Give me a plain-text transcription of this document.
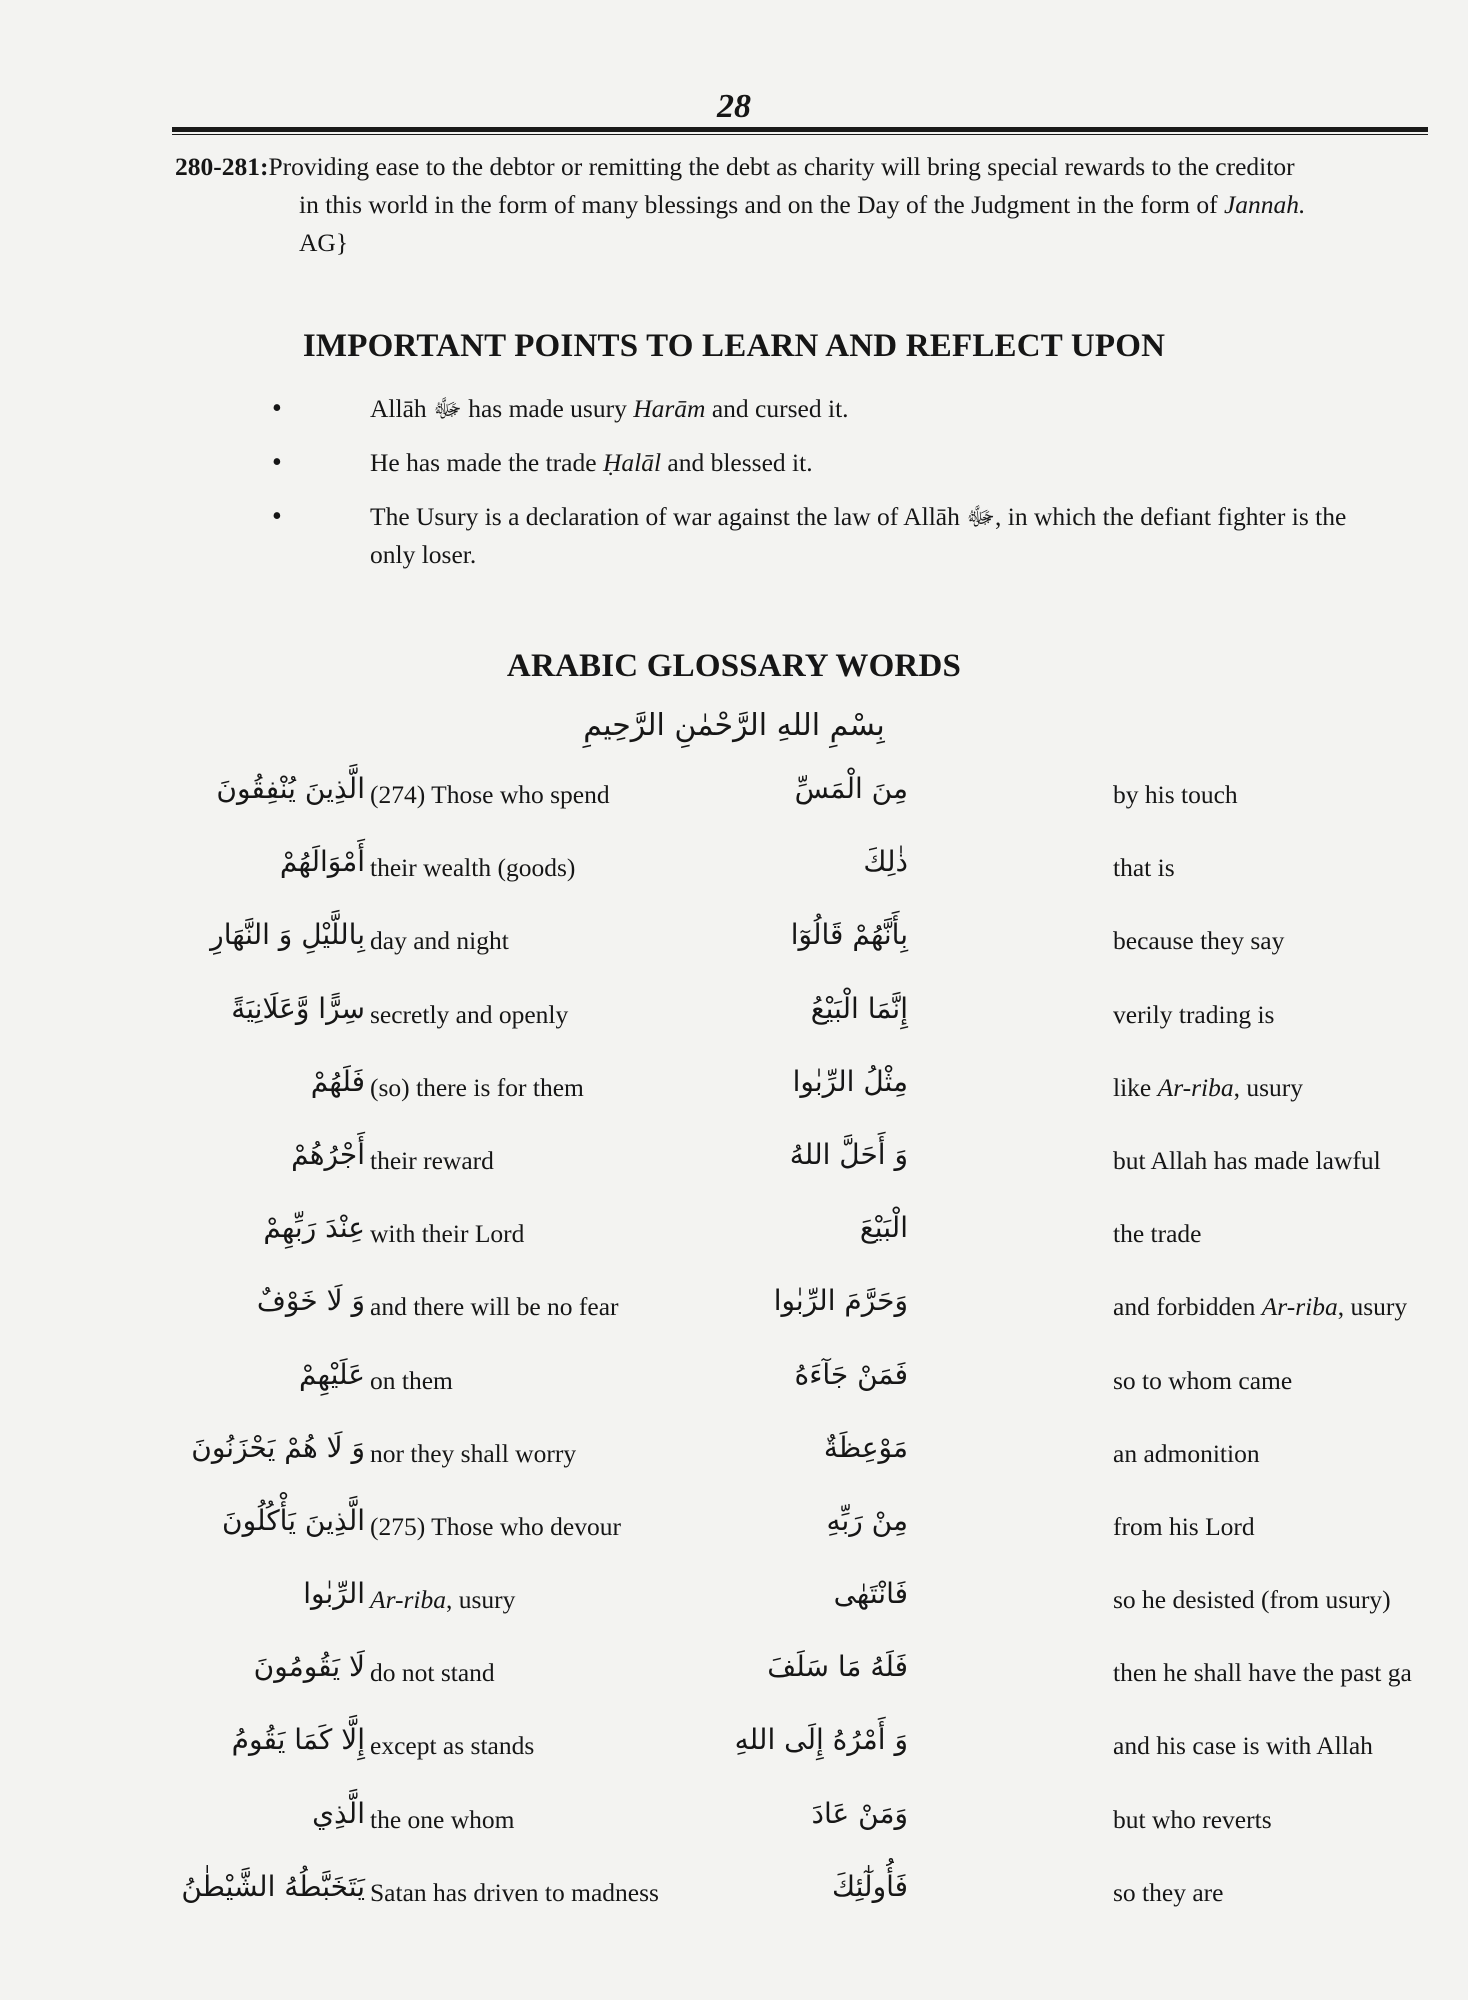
28
280-281:Providing ease to the debtor or remitting the debt as charity will bring special rewards to the creditor
in this world in the form of many blessings and on the Day of the Judgment in the form of Jannah.
AG}
IMPORTANT POINTS TO LEARN AND REFLECT UPON
•	Allāh ﷻ has made usury Harām and cursed it.
•	He has made the trade Ḥalāl and blessed it.
•	The Usury is a declaration of war against the law of Allāh ﷻ, in which the defiant fighter is the only loser.
ARABIC GLOSSARY WORDS
بِسْمِ اللهِ الرَّحْمٰنِ الرَّحِيمِ
الَّذِينَ يُنْفِقُونَ (274) Those who spend	مِنَ الْمَسِّ	by his touch
أَمْوَالَهُمْ their wealth (goods)	ذٰلِكَ	that is
بِاللَّيْلِ وَ النَّهَارِ day and night	بِأَنَّهُمْ قَالُوٓا	because they say
سِرًّا وَّعَلَانِيَةً secretly and openly	إِنَّمَا الْبَيْعُ	verily trading is
فَلَهُمْ (so) there is for them	مِثْلُ الرِّبٰوا	like Ar-riba, usury
أَجْرُهُمْ their reward	وَ أَحَلَّ اللهُ	but Allah has made lawful
عِنْدَ رَبِّهِمْ with their Lord	الْبَيْعَ	the trade
وَ لَا خَوْفٌ and there will be no fear	وَحَرَّمَ الرِّبٰوا	and forbidden Ar-riba, usury
عَلَيْهِمْ on them	فَمَنْ جَآءَهُ	so to whom came
وَ لَا هُمْ يَحْزَنُونَ nor they shall worry	مَوْعِظَةٌ	an admonition
الَّذِينَ يَأْكُلُونَ (275) Those who devour	مِنْ رَبِّهِ	from his Lord
الرِّبٰوا Ar-riba, usury	فَانْتَهٰى	so he desisted (from usury)
لَا يَقُومُونَ do not stand	فَلَهُ مَا سَلَفَ	then he shall have the past ga
إِلَّا كَمَا يَقُومُ except as stands	وَ أَمْرُهُ إِلَى اللهِ	and his case is with Allah
الَّذِي the one whom	وَمَنْ عَادَ	but who reverts
يَتَخَبَّطُهُ الشَّيْطٰنُ Satan has driven to madness	فَأُولٰٓئِكَ	so they are
